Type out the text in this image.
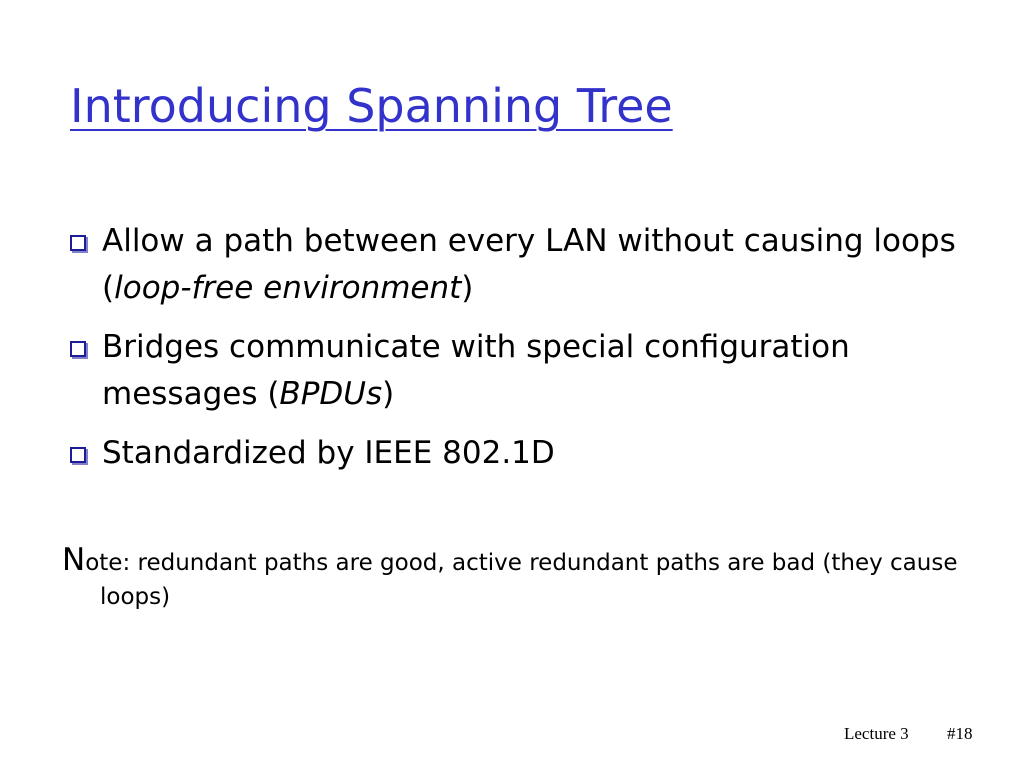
Introducing Spanning Tree
Allow a path between every LAN without causing loops (loop-free environment)
Bridges communicate with special configuration messages (BPDUs)
Standardized by IEEE 802.1D

Note: redundant paths are good, active redundant paths are bad (they cause loops)

Lecture 3 #18
